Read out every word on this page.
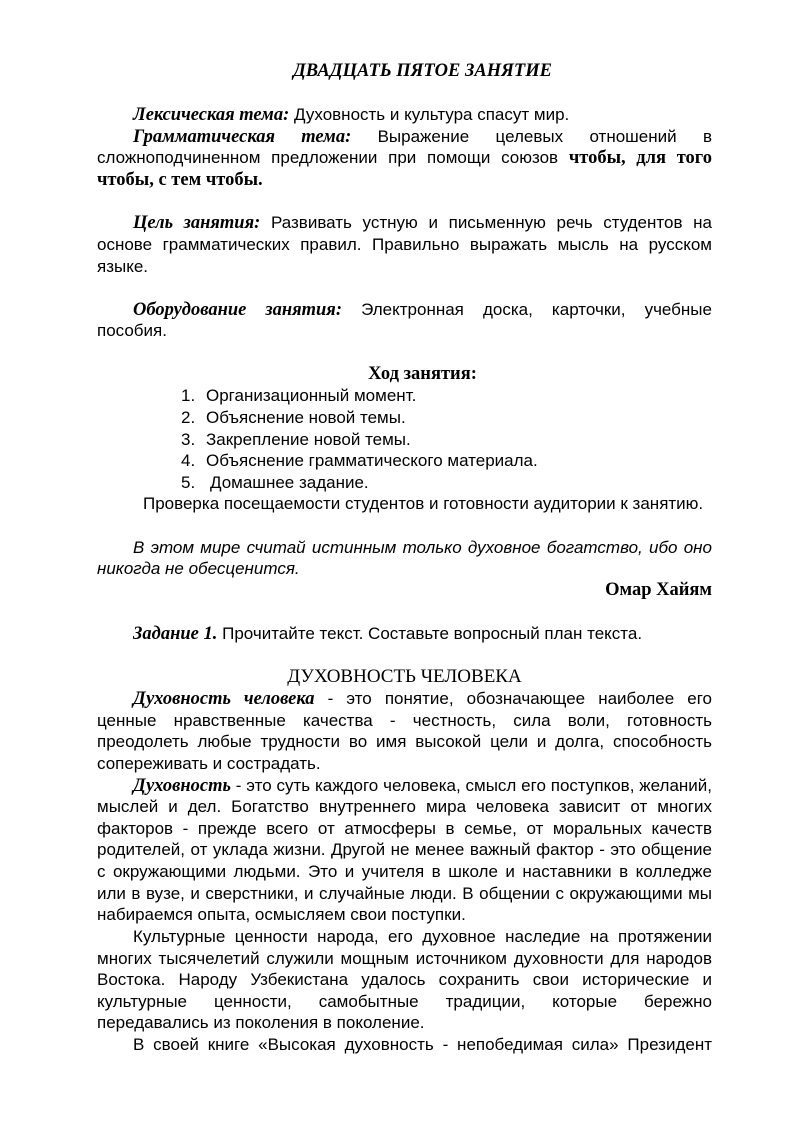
ДВАДЦАТЬ ПЯТОЕ ЗАНЯТИЕ

Лексическая тема: Духовность и культура спасут мир.

Грамматическая тема: Выражение целевых отношений в сложноподчиненном предложении при помощи союзов чтобы, для того чтобы, с тем чтобы.

Цель занятия: Развивать устную и письменную речь студентов на основе грамматических правил. Правильно выражать мысль на русском языке.

Оборудование занятия: Электронная доска, карточки, учебные пособия.

Ход занятия:

1. Организационный момент.
2. Объяснение новой темы.
3. Закрепление новой темы.
4. Объяснение грамматического материала.
5. Домашнее задание.

Проверка посещаемости студентов и готовности аудитории к занятию.

В этом мире считай истинным только духовное богатство, ибо оно никогда не обесценится.

Омар Хайям

Задание 1. Прочитайте текст. Составьте вопросный план текста.

ДУХОВНОСТЬ ЧЕЛОВЕКА

Духовность человека - это понятие, обозначающее наиболее его ценные нравственные качества - честность, сила воли, готовность преодолеть любые трудности во имя высокой цели и долга, способность сопереживать и сострадать.

Духовность - это суть каждого человека, смысл его поступков, желаний, мыслей и дел. Богатство внутреннего мира человека зависит от многих факторов - прежде всего от атмосферы в семье, от моральных качеств родителей, от уклада жизни. Другой не менее важный фактор - это общение с окружающими людьми. Это и учителя в школе и наставники в колледже или в вузе, и сверстники, и случайные люди. В общении с окружающими мы набираемся опыта, осмысляем свои поступки.

Культурные ценности народа, его духовное наследие на протяжении многих тысячелетий служили мощным источником духовности для народов Востока. Народу Узбекистана удалось сохранить свои исторические и культурные ценности, самобытные традиции, которые бережно передавались из поколения в поколение.

В своей книге «Высокая духовность - непобедимая сила» Президент
